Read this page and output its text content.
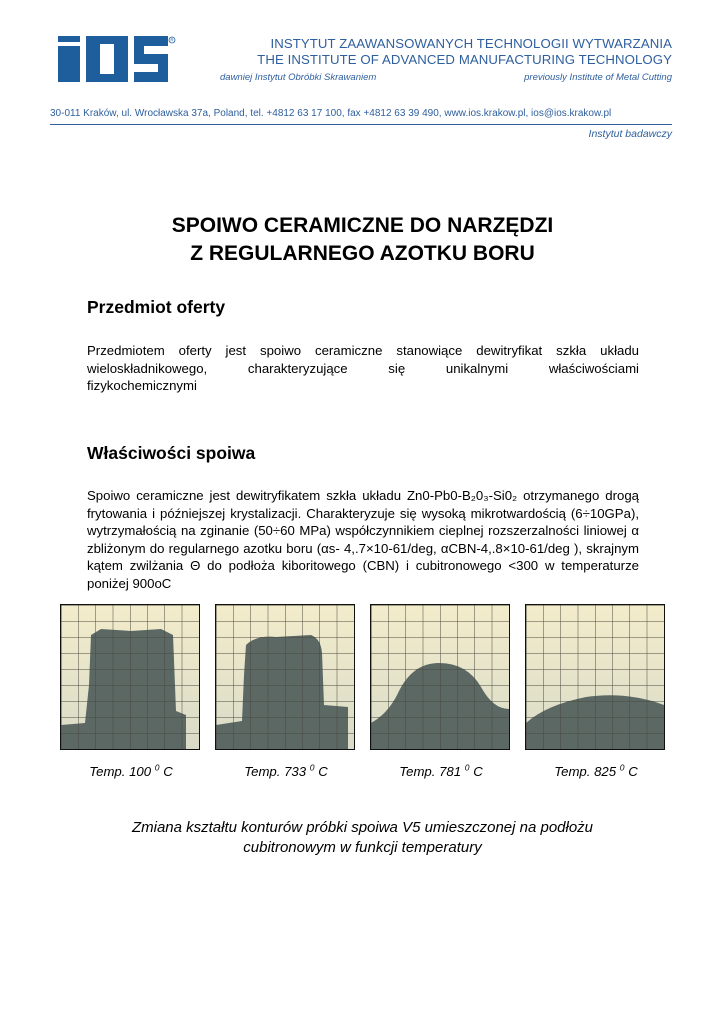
R	INSTYTUT ZAAWANSOWANYCH TECHNOLOGII WYTWARZANIA
THE INSTITUTE OF ADVANCED MANUFACTURING TECHNOLOGY
dawniej Instytut Obróbki Skrawaniem	previously Institute of Metal Cutting
30-011 Kraków, ul. Wrocławska 37a, Poland, tel. +4812 63 17 100, fax +4812 63 39 490, www.ios.krakow.pl, ios@ios.krakow.pl
Instytut badawczy
SPOIWO CERAMICZNE DO NARZĘDZI
Z REGULARNEGO AZOTKU BORU
Przedmiot oferty
Przedmiotem oferty jest spoiwo ceramiczne stanowiące dewitryfikat szkła układu wieloskładnikowego, charakteryzujące się unikalnymi właściwościami
fizykochemicznymi
Właściwości spoiwa
Spoiwo ceramiczne jest dewitryfikatem szkła układu Zn0-Pb0-B₂0₃-Si0₂ otrzymanego drogą frytowania i późniejszej krystalizacji. Charakteryzuje się wysoką mikrotwardością (6÷10GPa), wytrzymałością na zginanie (50÷60 MPa) współczynnikiem cieplnej rozszerzalności liniowej α zbliżonym do regularnego azotku boru (αs- 4,.7×10-61/deg, αCBN-4,.8×10-61/deg ), skrajnym kątem zwilżania Θ do podłoża kiboritowego (CBN) i cubitronowego <300 w temperaturze poniżej 900oC
Temp. 100 $^0$ C	Temp. 733 $^0$ C	Temp. 781 $^0$ C	Temp. 825 $^0$ C
Zmiana kształtu konturów próbki spoiwa V5 umieszczonej na podłożu
cubitronowym w funkcji temperatury
